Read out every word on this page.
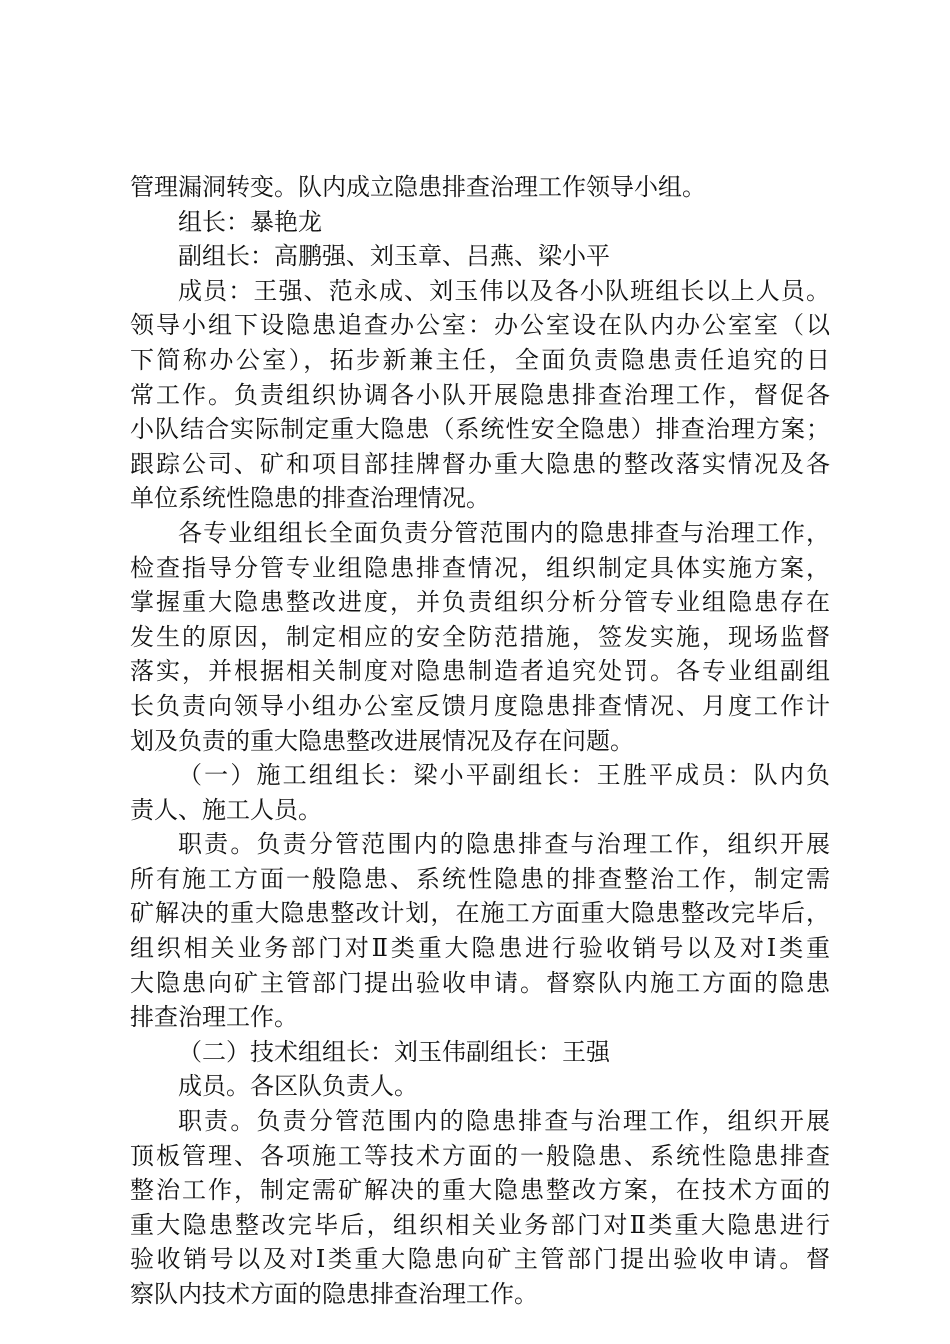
管理漏洞转变。队内成立隐患排查治理工作领导小组。
组长：暴艳龙
副组长：高鹏强、刘玉章、吕燕、梁小平
成员：王强、范永成、刘玉伟以及各小队班组长以上人员。
领导小组下设隐患追查办公室：办公室设在队内办公室室（以
下简称办公室），拓步新兼主任，全面负责隐患责任追究的日
常工作。负责组织协调各小队开展隐患排查治理工作，督促各
小队结合实际制定重大隐患（系统性安全隐患）排查治理方案；
跟踪公司、矿和项目部挂牌督办重大隐患的整改落实情况及各
单位系统性隐患的排查治理情况。
各专业组组长全面负责分管范围内的隐患排查与治理工作，
检查指导分管专业组隐患排查情况，组织制定具体实施方案，
掌握重大隐患整改进度，并负责组织分析分管专业组隐患存在
发生的原因，制定相应的安全防范措施，签发实施，现场监督
落实，并根据相关制度对隐患制造者追究处罚。各专业组副组
长负责向领导小组办公室反馈月度隐患排查情况、月度工作计
划及负责的重大隐患整改进展情况及存在问题。
（一）施工组组长：梁小平副组长：王胜平成员：队内负
责人、施工人员。
职责。负责分管范围内的隐患排查与治理工作，组织开展
所有施工方面一般隐患、系统性隐患的排查整治工作，制定需
矿解决的重大隐患整改计划，在施工方面重大隐患整改完毕后，
组织相关业务部门对Ⅱ类重大隐患进行验收销号以及对Ⅰ类重
大隐患向矿主管部门提出验收申请。督察队内施工方面的隐患
排查治理工作。
（二）技术组组长：刘玉伟副组长：王强
成员。各区队负责人。
职责。负责分管范围内的隐患排查与治理工作，组织开展
顶板管理、各项施工等技术方面的一般隐患、系统性隐患排查
整治工作，制定需矿解决的重大隐患整改方案，在技术方面的
重大隐患整改完毕后，组织相关业务部门对Ⅱ类重大隐患进行
验收销号以及对Ⅰ类重大隐患向矿主管部门提出验收申请。督
察队内技术方面的隐患排查治理工作。
